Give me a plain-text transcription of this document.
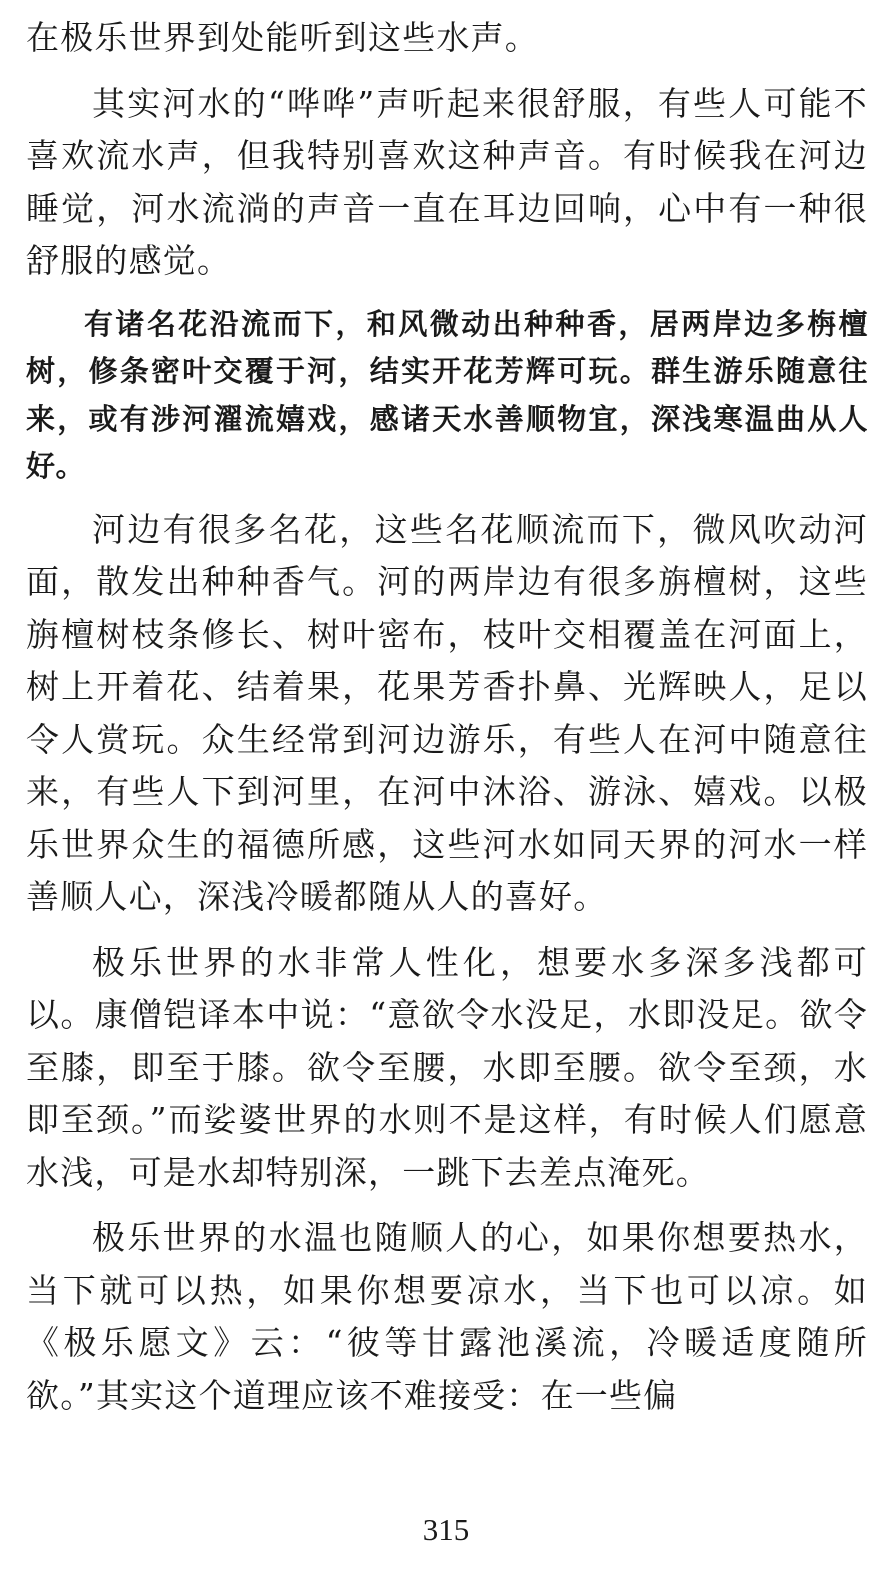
在极乐世界到处能听到这些水声。

其实河水的“哗哗”声听起来很舒服，有些人可能不喜欢流水声，但我特别喜欢这种声音。有时候我在河边睡觉，河水流淌的声音一直在耳边回响，心中有一种很舒服的感觉。

有诸名花沿流而下，和风微动出种种香，居两岸边多栴檀树，修条密叶交覆于河，结实开花芳辉可玩。群生游乐随意往来，或有涉河濯流嬉戏，感诸天水善顺物宜，深浅寒温曲从人好。

河边有很多名花，这些名花顺流而下，微风吹动河面，散发出种种香气。河的两岸边有很多旃檀树，这些旃檀树枝条修长、树叶密布，枝叶交相覆盖在河面上，树上开着花、结着果，花果芳香扑鼻、光辉映人，足以令人赏玩。众生经常到河边游乐，有些人在河中随意往来，有些人下到河里，在河中沐浴、游泳、嬉戏。以极乐世界众生的福德所感，这些河水如同天界的河水一样善顺人心，深浅冷暖都随从人的喜好。

极乐世界的水非常人性化，想要水多深多浅都可以。康僧铠译本中说：“意欲令水没足，水即没足。欲令至膝，即至于膝。欲令至腰，水即至腰。欲令至颈，水即至颈。”而娑婆世界的水则不是这样，有时候人们愿意水浅，可是水却特别深，一跳下去差点淹死。

极乐世界的水温也随顺人的心，如果你想要热水，当下就可以热，如果你想要凉水，当下也可以凉。如《极乐愿文》云：“彼等甘露池溪流，冷暖适度随所欲。”其实这个道理应该不难接受：在一些偏

315
